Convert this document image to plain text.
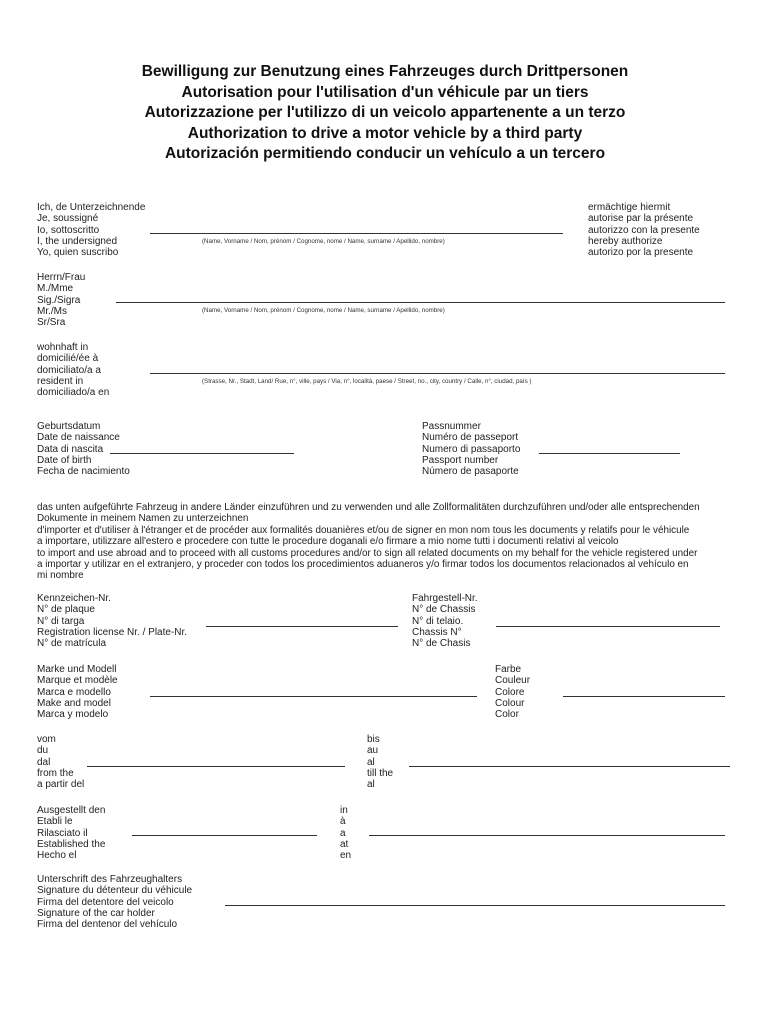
Bewilligung zur Benutzung eines Fahrzeuges durch Drittpersonen
Autorisation pour l'utilisation d'un véhicule par un tiers
Autorizzazione per l'utilizzo di un veicolo appartenente a un terzo
Authorization to drive a motor vehicle by a third party
Autorización permitiendo conducir un vehículo a un tercero
Ich, de Unterzeichnende
Je, soussigné
Io, sottoscritto
I, the undersigned
Yo, quien suscribo
(Name, Vorname / Nom, prénom / Cognome, nome / Name, surname / Apellido, nombre)
ermächtige hiermit
autorise par la présente
autorizzo con la presente
hereby authorize
autorizo por la presente
Herrn/Frau
M./Mme
Sig./Sigra
Mr./Ms
Sr/Sra
(Name, Vorname / Nom, prénom / Cognome, nome / Name, surname / Apellido, nombre)
wohnhaft in
domicilié/ée à
domiciliato/a a
resident in
domiciliado/a en
(Strasse, Nr., Stadt, Land/ Rue, n°, ville, pays / Via, n°, località, paese / Street, no., city, country / Calle, n°, ciudad, país )
Geburtsdatum
Date de naissance
Data di nascita
Date of birth
Fecha de nacimiento
Passnummer
Numéro de passeport
Numero di passaporto
Passport number
Número de pasaporte
das unten aufgeführte Fahrzeug in andere Länder einzuführen und zu verwenden und alle Zollformalitäten durchzuführen und/oder alle entsprechenden
Dokumente in meinem Namen zu unterzeichnen
d'importer et d'utiliser à l'étranger et de procéder aux formalités douanières et/ou de signer en mon nom tous les documents y relatifs pour le véhicule
a importare, utilizzare all'estero e procedere con tutte le procedure doganali e/o firmare a mio nome tutti i documenti relativi al veicolo
to import and use abroad and to proceed with all customs procedures and/or to sign all related documents on my behalf for the vehicle registered under
a importar y utilizar en el extranjero, y proceder con todos los procedimientos aduaneros y/o firmar todos los documentos relacionados al vehículo en
mi nombre
Kennzeichen-Nr.
N° de plaque
N° di targa
Registration license Nr. / Plate-Nr.
N° de matrícula
Fahrgestell-Nr.
N° de Chassis
N° di telaio.
Chassis N°
N° de Chasis
Marke und Modell
Marque et modèle
Marca e modello
Make and model
Marca y modelo
Farbe
Couleur
Colore
Colour
Color
vom
du
dal
from the
a partir del
bis
au
al
till the
al
Ausgestellt den
Etabli le
Rilasciato il
Established the
Hecho el
in
à
a
at
en
Unterschrift des Fahrzeughalters
Signature du détenteur du véhicule
Firma del detentore del veicolo
Signature of the car holder
Firma del dentenor del vehículo
